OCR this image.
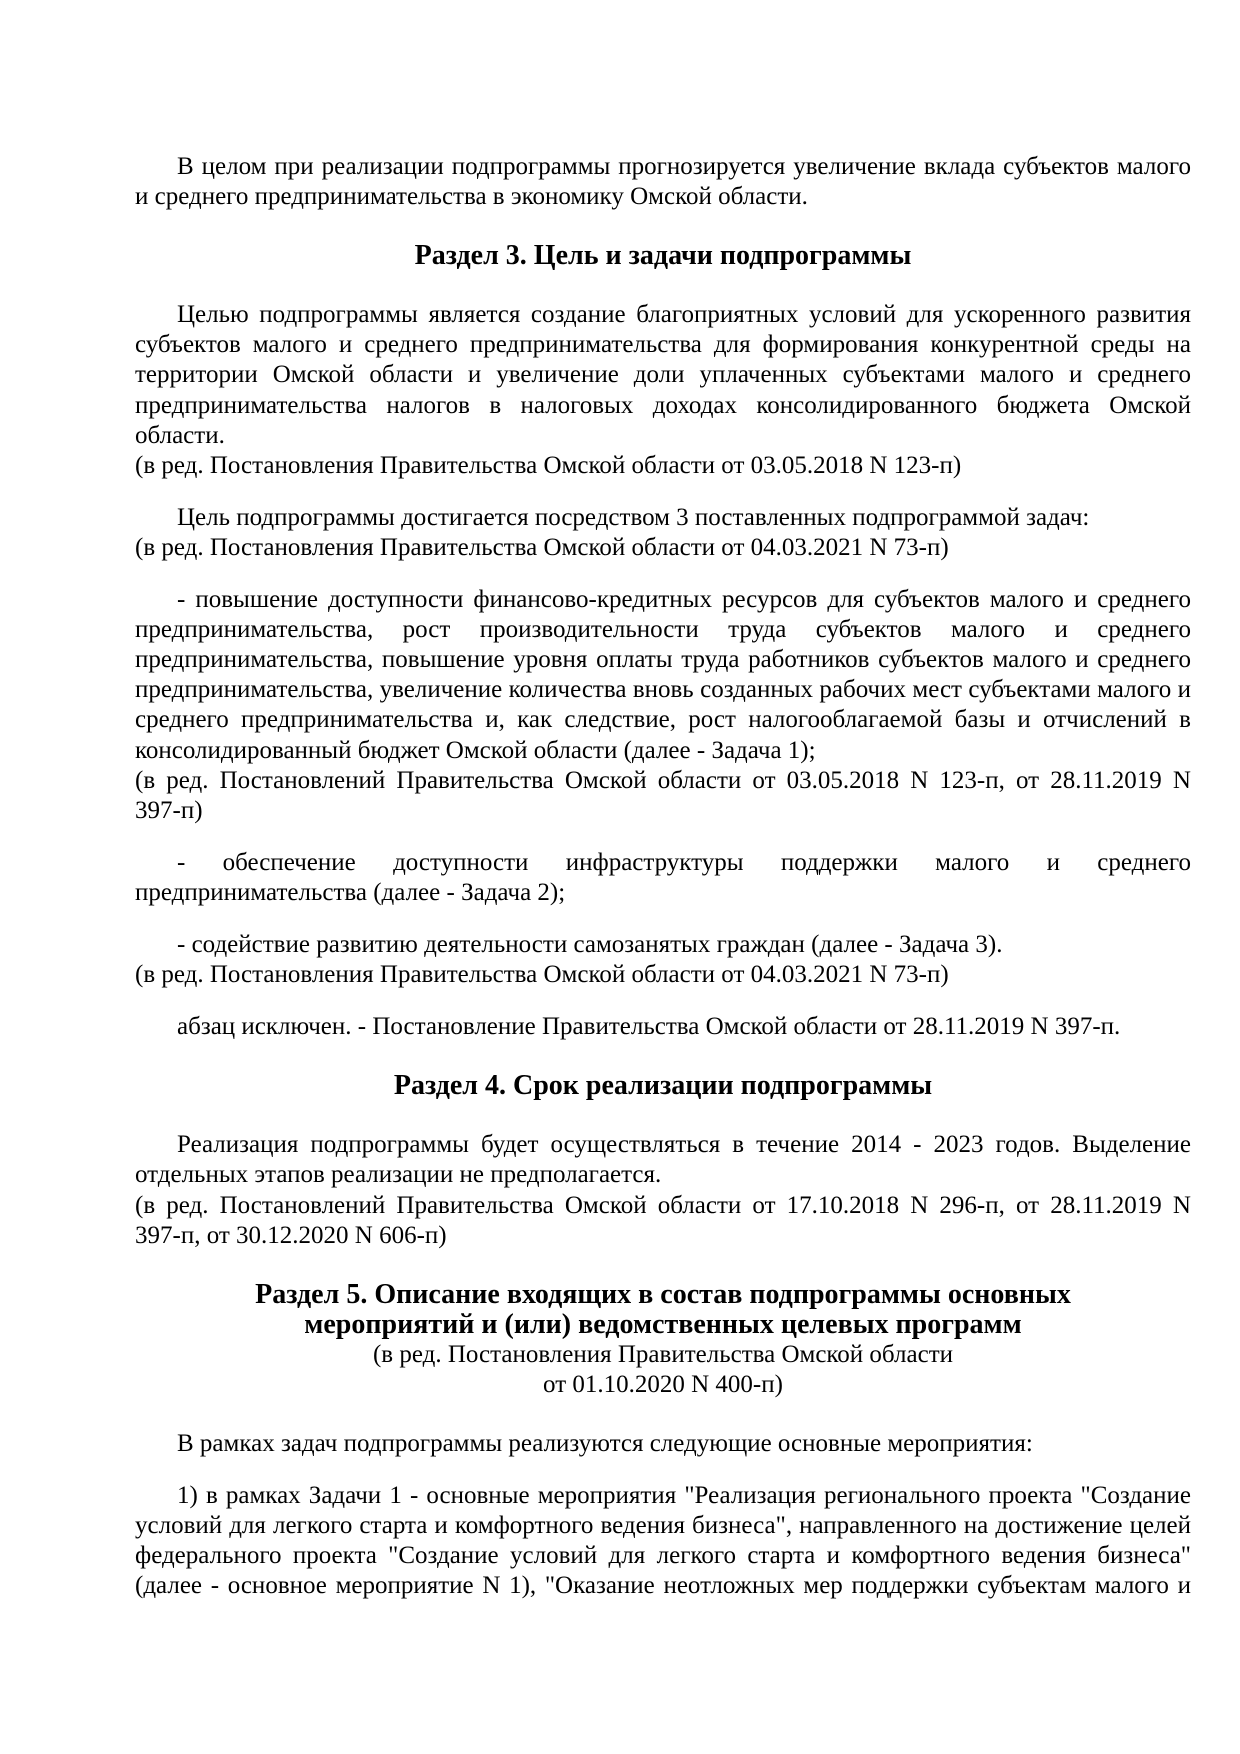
В целом при реализации подпрограммы прогнозируется увеличение вклада субъектов малого
и среднего предпринимательства в экономику Омской области.
Раздел 3. Цель и задачи подпрограммы
Целью подпрограммы является создание благоприятных условий для ускоренного развития
субъектов малого и среднего предпринимательства для формирования конкурентной среды на
территории Омской области и увеличение доли уплаченных субъектами малого и среднего
предпринимательства налогов в налоговых доходах консолидированного бюджета Омской
области.
(в ред. Постановления Правительства Омской области от 03.05.2018 N 123-п)
Цель подпрограммы достигается посредством 3 поставленных подпрограммой задач:
(в ред. Постановления Правительства Омской области от 04.03.2021 N 73-п)
- повышение доступности финансово-кредитных ресурсов для субъектов малого и среднего
предпринимательства, рост производительности труда субъектов малого и среднего
предпринимательства, повышение уровня оплаты труда работников субъектов малого и среднего
предпринимательства, увеличение количества вновь созданных рабочих мест субъектами малого и
среднего предпринимательства и, как следствие, рост налогооблагаемой базы и отчислений в
консолидированный бюджет Омской области (далее - Задача 1);
(в ред. Постановлений Правительства Омской области от 03.05.2018 N 123-п, от 28.11.2019 N
397-п)
- обеспечение доступности инфраструктуры поддержки малого и среднего
предпринимательства (далее - Задача 2);
- содействие развитию деятельности самозанятых граждан (далее - Задача 3).
(в ред. Постановления Правительства Омской области от 04.03.2021 N 73-п)
абзац исключен. - Постановление Правительства Омской области от 28.11.2019 N 397-п.
Раздел 4. Срок реализации подпрограммы
Реализация подпрограммы будет осуществляться в течение 2014 - 2023 годов. Выделение
отдельных этапов реализации не предполагается.
(в ред. Постановлений Правительства Омской области от 17.10.2018 N 296-п, от 28.11.2019 N
397-п, от 30.12.2020 N 606-п)
Раздел 5. Описание входящих в состав подпрограммы основных
мероприятий и (или) ведомственных целевых программ
(в ред. Постановления Правительства Омской области
от 01.10.2020 N 400-п)
В рамках задач подпрограммы реализуются следующие основные мероприятия:
1) в рамках Задачи 1 - основные мероприятия "Реализация регионального проекта "Создание
условий для легкого старта и комфортного ведения бизнеса", направленного на достижение целей
федерального проекта "Создание условий для легкого старта и комфортного ведения бизнеса"
(далее - основное мероприятие N 1), "Оказание неотложных мер поддержки субъектам малого и
